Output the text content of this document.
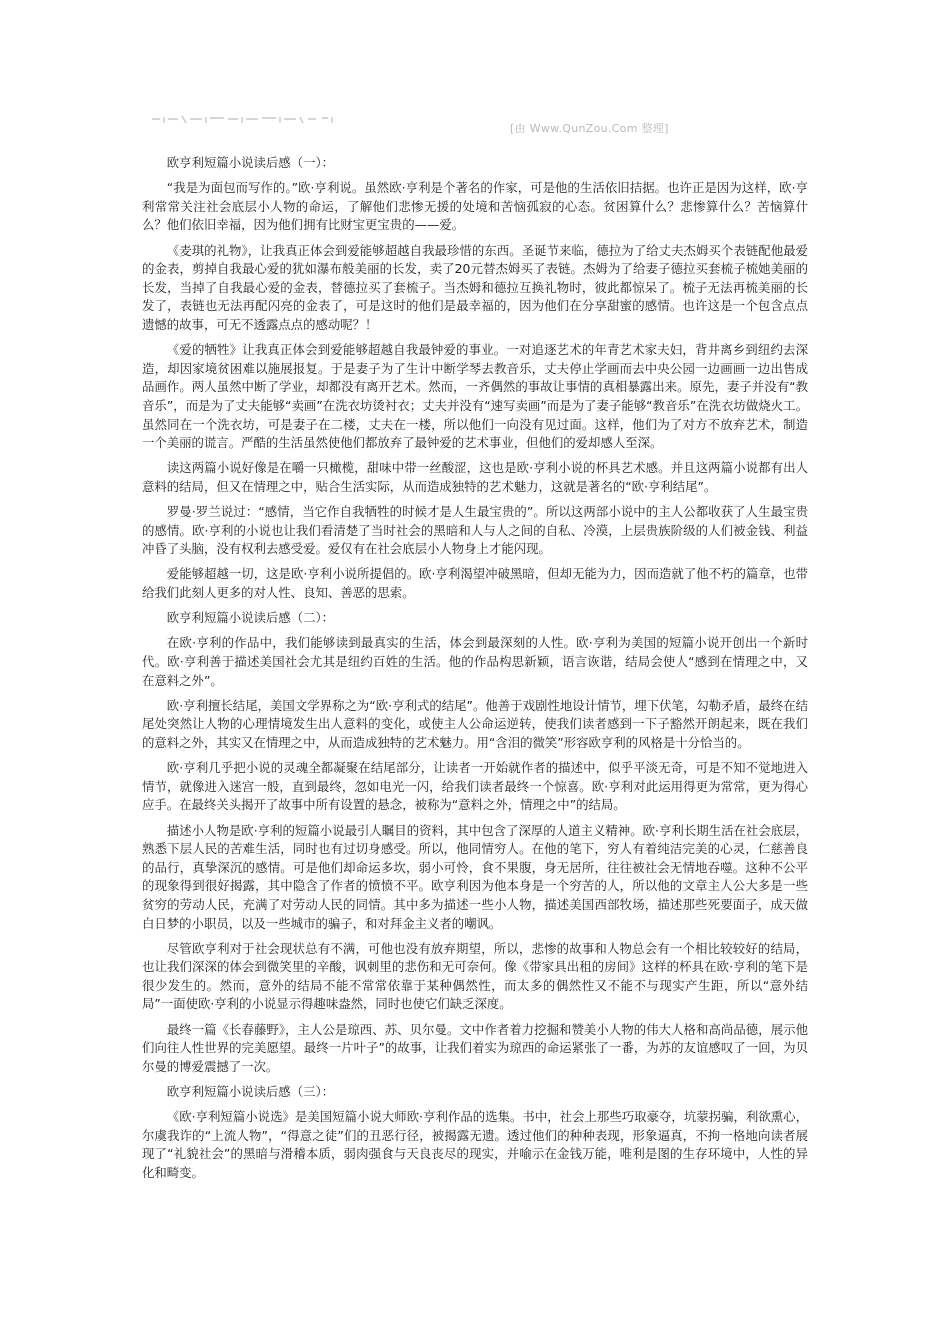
[由 Www.QunZou.Com 整理]
欧亨利短篇小说读后感（一）：

“我是为面包而写作的。”欧·亨利说。虽然欧·亨利是个著名的作家，可是他的生活依旧拮据。也许正是因为这样，欧·亨利常常关注社会底层小人物的命运，了解他们悲惨无援的处境和苦恼孤寂的心态。贫困算什么？悲惨算什么？苦恼算什么？他们依旧幸福，因为他们拥有比财宝更宝贵的——爱。

《麦琪的礼物》，让我真正体会到爱能够超越自我最珍惜的东西。圣诞节来临，德拉为了给丈夫杰姆买个表链配他最爱的金表，剪掉自我最心爱的犹如瀑布般美丽的长发，卖了20元替杰姆买了表链。杰姆为了给妻子德拉买套梳子梳她美丽的长发，当掉了自我最心爱的金表，替德拉买了套梳子。当杰姆和德拉互换礼物时，彼此都惊呆了。梳子无法再梳美丽的长发了，表链也无法再配闪亮的金表了，可是这时的他们是最幸福的，因为他们在分享甜蜜的感情。也许这是一个包含点点遗憾的故事，可无不透露点点的感动呢？！

《爱的牺牲》让我真正体会到爱能够超越自我最钟爱的事业。一对追逐艺术的年青艺术家夫妇，背井离乡到纽约去深造，却因家境贫困难以施展报复。于是妻子为了生计中断学琴去教音乐，丈夫停止学画而去中央公园一边画画一边出售成品画作。两人虽然中断了学业，却都没有离开艺术。然而，一齐偶然的事故让事情的真相暴露出来。原先，妻子并没有“教音乐”，而是为了丈夫能够“卖画”在洗衣坊烫衬衣；丈夫并没有“速写卖画”而是为了妻子能够“教音乐”在洗衣坊做烧火工。虽然同在一个洗衣坊，可是妻子在二楼，丈夫在一楼，所以他们一向没有见过面。这样，他们为了对方不放弃艺术，制造一个美丽的谎言。严酷的生活虽然使他们都放弃了最钟爱的艺术事业，但他们的爱却感人至深。

读这两篇小说好像是在嚼一只橄榄，甜味中带一丝酸涩，这也是欧·亨利小说的杯具艺术感。并且这两篇小说都有出人意料的结局，但又在情理之中，贴合生活实际，从而造成独特的艺术魅力，这就是著名的“欧·亨利结尾”。

罗曼·罗兰说过：“感情，当它作自我牺牲的时候才是人生最宝贵的”。所以这两部小说中的主人公都收获了人生最宝贵的感情。欧·亨利的小说也让我们看清楚了当时社会的黑暗和人与人之间的自私、冷漠，上层贵族阶级的人们被金钱、利益冲昏了头脑，没有权利去感受爱。爱仅有在社会底层小人物身上才能闪现。

爱能够超越一切，这是欧·亨利小说所提倡的。欧·亨利渴望冲破黑暗，但却无能为力，因而造就了他不朽的篇章，也带给我们此刻人更多的对人性、良知、善恶的思索。

欧亨利短篇小说读后感（二）：

在欧·亨利的作品中，我们能够读到最真实的生活，体会到最深刻的人性。欧·亨利为美国的短篇小说开创出一个新时代。欧·亨利善于描述美国社会尤其是纽约百姓的生活。他的作品构思新颖，语言诙谐，结局会使人“感到在情理之中，又在意料之外”。

欧·亨利擅长结尾，美国文学界称之为“欧·亨利式的结尾”。他善于戏剧性地设计情节，埋下伏笔，勾勒矛盾，最终在结尾处突然让人物的心理情境发生出人意料的变化，或使主人公命运逆转，使我们读者感到一下子豁然开朗起来，既在我们的意料之外，其实又在情理之中，从而造成独特的艺术魅力。用“含泪的微笑”形容欧亨利的风格是十分恰当的。

欧·亨利几乎把小说的灵魂全都凝聚在结尾部分，让读者一开始就作者的描述中，似乎平淡无奇，可是不知不觉地进入情节，就像进入迷宫一般，直到最终，忽如电光一闪，给我们读者最终一个惊喜。欧·亨利对此运用得更为常常，更为得心应手。在最终关头揭开了故事中所有设置的悬念，被称为“意料之外，情理之中”的结局。

描述小人物是欧·亨利的短篇小说最引人瞩目的资料，其中包含了深厚的人道主义精神。欧·亨利长期生活在社会底层，熟悉下层人民的苦难生活，同时也有过切身感受。所以，他同情穷人。在他的笔下，穷人有着纯洁完美的心灵，仁慈善良的品行，真挚深沉的感情。可是他们却命运多坎，弱小可怜，食不果腹，身无居所，往往被社会无情地吞噬。这种不公平的现象得到很好揭露，其中隐含了作者的愤愤不平。欧亨利因为他本身是一个穷苦的人，所以他的文章主人公大多是一些贫穷的劳动人民，充满了对劳动人民的同情。其中多为描述一些小人物，描述美国西部牧场，描述那些死要面子，成天做白日梦的小职员，以及一些城市的骗子，和对拜金主义者的嘲讽。

尽管欧亨利对于社会现状总有不满，可他也没有放弃期望，所以，悲惨的故事和人物总会有一个相比较较好的结局，也让我们深深的体会到微笑里的辛酸，讽刺里的悲伤和无可奈何。像《带家具出租的房间》这样的杯具在欧·亨利的笔下是很少发生的。然而，意外的结局不能不常常依靠于某种偶然性，而太多的偶然性又不能不与现实产生距，所以“意外结局”一面使欧·亨利的小说显示得趣味盎然，同时也使它们缺乏深度。

最终一篇《长春藤野》，主人公是琼西、苏、贝尔曼。文中作者着力挖掘和赞美小人物的伟大人格和高尚品德，展示他们向往人性世界的完美愿望。最终一片叶子”的故事，让我们着实为琼西的命运紧张了一番，为苏的友谊感叹了一回，为贝尔曼的博爱震撼了一次。

欧亨利短篇小说读后感（三）：

《欧·亨利短篇小说选》是美国短篇小说大师欧·亨利作品的选集。书中，社会上那些巧取豪夺，坑蒙拐骗，利欲熏心，尔虞我诈的“上流人物”，“得意之徒”们的丑恶行径，被揭露无遗。透过他们的种种表现，形象逼真，不拘一格地向读者展现了“礼貌社会”的黑暗与滑稽本质，弱肉强食与天良丧尽的现实，并喻示在金钱万能，唯利是图的生存环境中，人性的异化和畸变。
